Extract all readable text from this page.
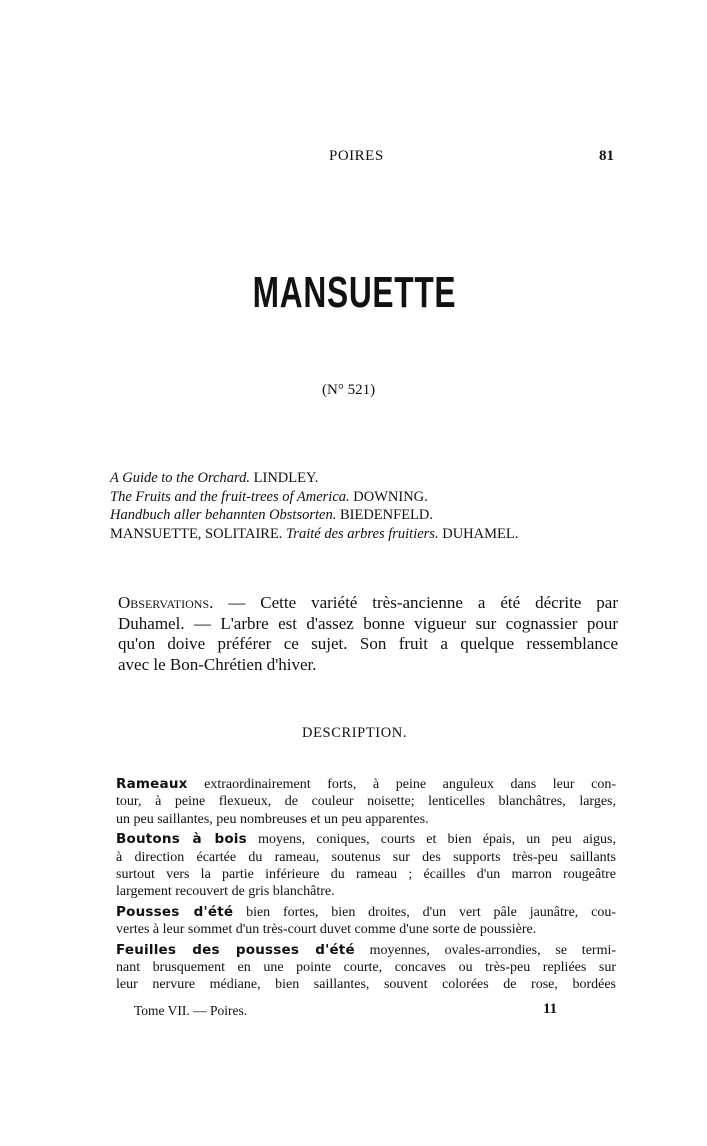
POIRES	81
MANSUETTE
(N° 521)
A Guide to the Orchard. LINDLEY.
The Fruits and the fruit-trees of America. DOWNING.
Handbuch aller behannten Obstsorten. BIEDENFELD.
MANSUETTE, SOLITAIRE. Traité des arbres fruitiers. DUHAMEL.
Observations. — Cette variété très-ancienne a été décrite par
Duhamel. — L'arbre est d'assez bonne vigueur sur cognassier pour
qu'on doive préférer ce sujet. Son fruit a quelque ressemblance
avec le Bon-Chrétien d'hiver.
DESCRIPTION.
Rameaux extraordinairement forts, à peine anguleux dans leur con-
tour, à peine flexueux, de couleur noisette; lenticelles blanchâtres, larges,
un peu saillantes, peu nombreuses et un peu apparentes.
Boutons à bois moyens, coniques, courts et bien épais, un peu aigus,
à direction écartée du rameau, soutenus sur des supports très-peu saillants
surtout vers la partie inférieure du rameau ; écailles d'un marron rougeâtre
largement recouvert de gris blanchâtre.
Pousses d'été bien fortes, bien droites, d'un vert pâle jaunâtre, cou-
vertes à leur sommet d'un très-court duvet comme d'une sorte de poussière.
Feuilles des pousses d'été moyennes, ovales-arrondies, se termi-
nant brusquement en une pointe courte, concaves ou très-peu repliées sur
leur nervure médiane, bien saillantes, souvent colorées de rose, bordées
Tome VII. — Poires.	11
